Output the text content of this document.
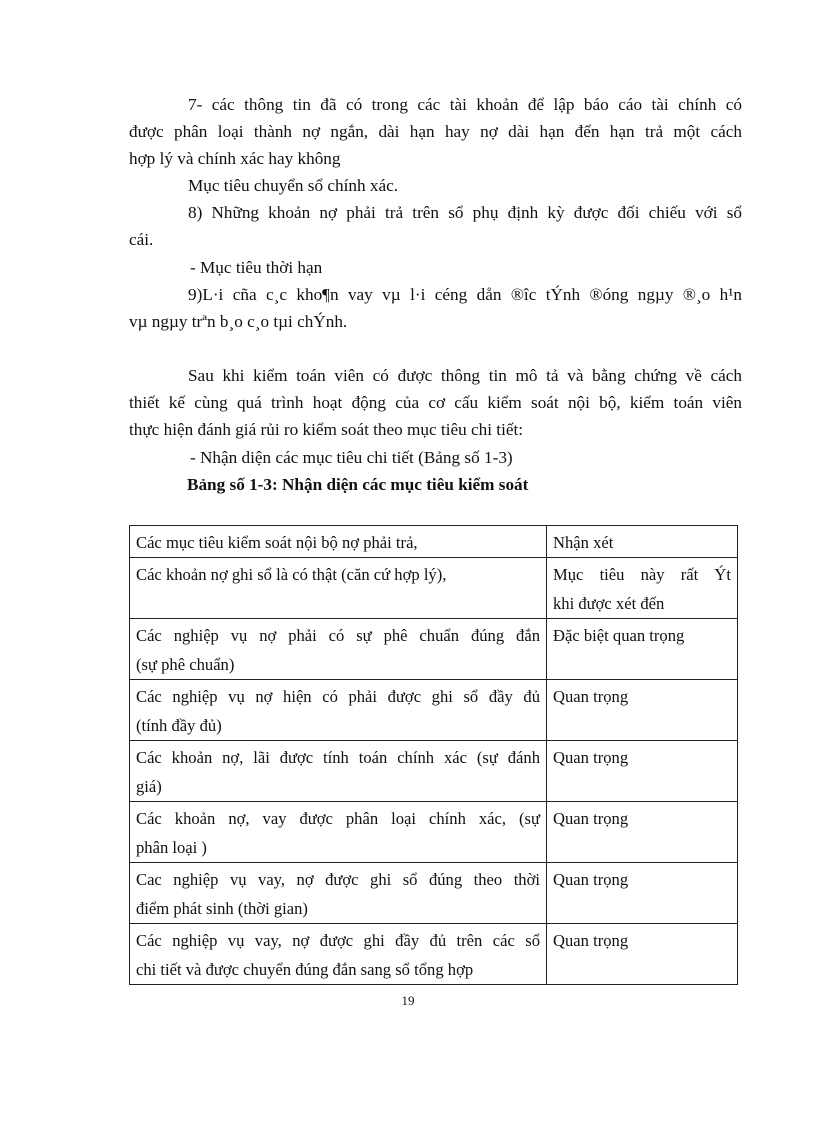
7- các thông tin đã có trong các tài khoản để lập báo cáo tài chính có
được phân loại thành nợ ngắn, dài hạn hay nợ dài hạn đến hạn trả một cách
hợp lý và chính xác hay không
Mục tiêu chuyển sổ chính xác.
8) Những khoản nợ phải trả trên sổ phụ định kỳ được đối chiếu với sổ
cái.
- Mục tiêu thời hạn
9)L·i cña c¸c kho¶n vay vµ l·i céng dån ®îc tÝnh ®óng ngµy ®¸o h¹n
vµ ngµy trªn b¸o c¸o tµi chÝnh.
Sau khi kiểm toán viên có được thông tin mô tả và bằng chứng về cách
thiết kế cùng quá trình hoạt động của cơ cấu kiểm soát nội bộ, kiểm toán viên
thực hiện đánh giá rủi ro kiểm soát theo mục tiêu chi tiết:
- Nhận diện các mục tiêu chi tiết (Bảng số 1-3)
Bảng số 1-3: Nhận diện các mục tiêu kiểm soát
Các mục tiêu kiểm soát nội bộ nợ phải trả,	Nhận xét

Các khoản nợ ghi sổ là có thật (căn cứ hợp lý),	Mục tiêu này rất Ýt
khi được xét đến

Các nghiệp vụ nợ phải có sự phê chuẩn đúng đắn
(sự phê chuẩn)	Đặc biệt quan trọng

Các nghiệp vụ nợ hiện có phải được ghi sổ đầy đủ
(tính đầy đủ)	Quan trọng

Các khoản nợ, lãi được tính toán chính xác (sự đánh
giá)	Quan trọng

Các khoản nợ, vay được phân loại chính xác, (sự
phân loại )	Quan trọng

Cac nghiệp vụ vay, nợ được ghi sổ đúng theo thời
điểm phát sinh (thời gian)	Quan trọng

Các nghiệp vụ vay, nợ được ghi đầy đủ trên các sổ
chi tiết và được chuyển đúng đắn sang sổ tổng hợp	Quan trọng
19
